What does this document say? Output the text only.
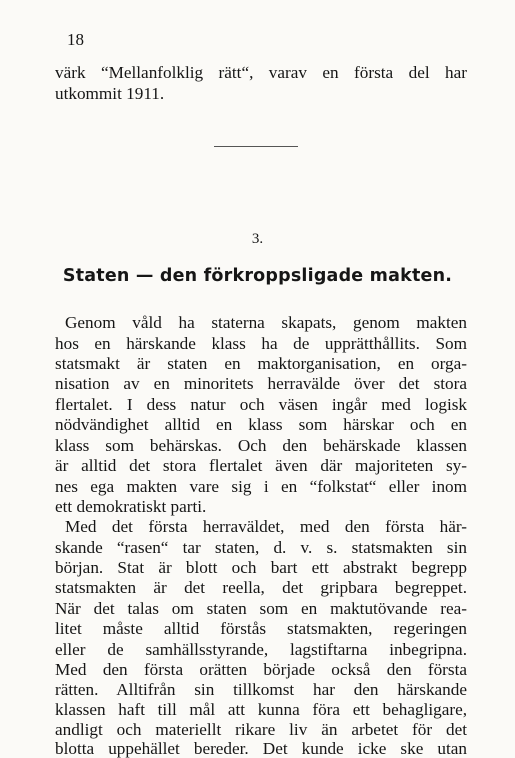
18
värk “Mellanfolklig rätt“, varav en första del har
utkommit 1911.
3.
Staten — den förkroppsligade makten.
Genom våld ha staterna skapats, genom makten
hos en härskande klass ha de upprätthållits. Som
statsmakt är staten en maktorganisation, en orga-
nisation av en minoritets herravälde över det stora
flertalet. I dess natur och väsen ingår med logisk
nödvändighet alltid en klass som härskar och en
klass som behärskas. Och den behärskade klassen
är alltid det stora flertalet även där majoriteten sy-
nes ega makten vare sig i en “folkstat“ eller inom
ett demokratiskt parti.
Med det första herraväldet, med den första här-
skande “rasen“ tar staten, d. v. s. statsmakten sin
början. Stat är blott och bart ett abstrakt begrepp
statsmakten är det reella, det gripbara begreppet.
När det talas om staten som en maktutövande rea-
litet måste alltid förstås statsmakten, regeringen
eller de samhällsstyrande, lagstiftarna inbegripna.
Med den första orätten började också den första
rätten. Alltifrån sin tillkomst har den härskande
klassen haft till mål att kunna föra ett behagligare,
andligt och materiellt rikare liv än arbetet för det
blotta uppehället bereder. Det kunde icke ske utan
